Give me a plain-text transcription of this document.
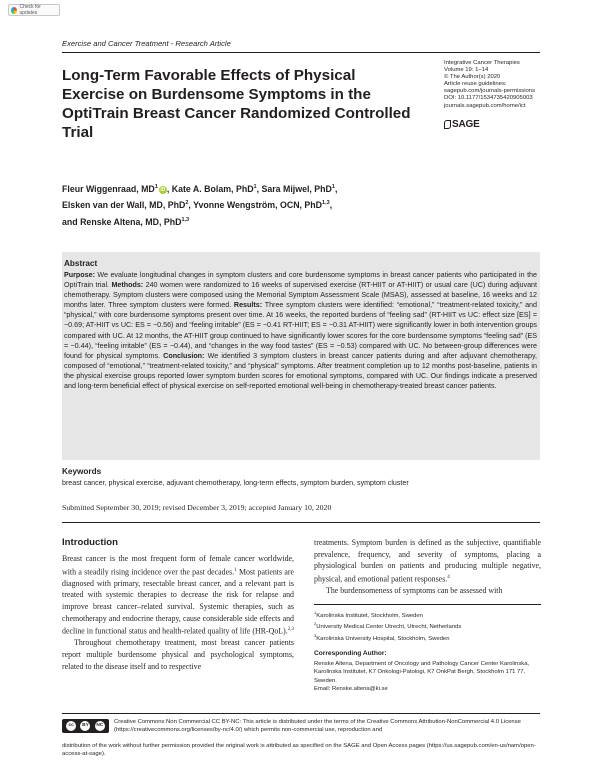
Check for updates
Exercise and Cancer Treatment - Research Article
Long-Term Favorable Effects of Physical Exercise on Burdensome Symptoms in the OptiTrain Breast Cancer Randomized Controlled Trial
Integrative Cancer Therapies
Volume 19: 1–14
© The Author(s) 2020
Article reuse guidelines:
sagepub.com/journals-permissions
DOI: 10.1177/1534735420905003
journals.sagepub.com/home/ict
SAGE
Fleur Wiggenraad, $MD^1$ iD , Kate A. Bolam, PhD$^1$, Sara Mijwel, PhD$^1$,
Elsken van der Wall, MD, PhD$^2$, Yvonne Wengström, OCN, PhD$^{1,3}$,
and Renske Altena, MD, PhD$^{1,3}$
Abstract
Purpose: We evaluate longitudinal changes in symptom clusters and core burdensome symptoms in breast cancer patients who participated in the OptiTrain trial. Methods: 240 women were randomized to 16 weeks of supervised exercise (RT-HIIT or AT-HIIT) or usual care (UC) during adjuvant chemotherapy. Symptom clusters were composed using the Memorial Symptom Assessment Scale (MSAS), assessed at baseline, 16 weeks and 12 months later. Three symptom clusters were formed. Results: Three symptom clusters were identified: “emotional,” “treatment-related toxicity,” and “physical,” with core burdensome symptoms present over time. At 16 weeks, the reported burdens of “feeling sad” (RT-HIIT vs UC: effect size [ES] = −0.69; AT-HIIT vs UC: ES = −0.56) and “feeling irritable” (ES = −0.41 RT-HIIT; ES = −0.31 AT-HIIT) were significantly lower in both intervention groups compared with UC. At 12 months, the AT-HIIT group continued to have significantly lower scores for the core burdensome symptoms “feeling sad” (ES = −0.44), “feeling irritable” (ES = −0.44), and “changes in the way food tastes” (ES = −0.53) compared with UC. No between-group differences were found for physical symptoms. Conclusion: We identified 3 symptom clusters in breast cancer patients during and after adjuvant chemotherapy, composed of “emotional,” “treatment-related toxicity,” and “physical” symptoms. After treatment completion up to 12 months post-baseline, patients in the physical exercise groups reported lower symptom burden scores for emotional symptoms, compared with UC. Our findings indicate a preserved and long-term beneficial effect of physical exercise on self-reported emotional well-being in chemotherapy-treated breast cancer patients.
Keywords
breast cancer, physical exercise, adjuvant chemotherapy, long-term effects, symptom burden, symptom cluster
Submitted September 30, 2019; revised December 3, 2019; accepted January 10, 2020
Introduction

Breast cancer is the most frequent form of female cancer worldwide, with a steadily rising incidence over the past decades.$^1$ Most patients are diagnosed with primary, resectable breast cancer, and a relevant part is treated with systemic therapies to decrease the risk for relapse and improve breast cancer–related survival. Systemic therapies, such as chemotherapy and endocrine therapy, cause considerable side effects and decline in functional status and health-related quality of life (HR-QoL).$^{2,3}$

Throughout chemotherapy treatment, most breast cancer patients report multiple burdensome physical and psychological symptoms, related to the disease itself and to respective

treatments. Symptom burden is defined as the subjective, quantifiable prevalence, frequency, and severity of symptoms, placing a physiological burden on patients and producing multiple negative, physical, and emotional patient responses.$^4$

The burdensomeness of symptoms can be assessed with

$^1$Karolinska Institutet, Stockholm, Sweden
$^2$University Medical Center Utrecht, Utrecht, Netherlands
$^3$Karolinska University Hospital, Stockholm, Sweden
Corresponding Author:
Renske Altena, Department of Oncology and Pathology Cancer Center Karolinska, Karolinska Institutet, K7 Onkologi-Patologi, K7 OnkPat Bergh, Stockholm 171 77, Sweden.
Email: Renske.altena@ki.se
cc	BY	NC
Creative Commons Non Commercial CC BY-NC: This article is distributed under the terms of the Creative Commons Attribution-NonCommercial 4.0 License (https://creativecommons.org/licenses/by-nc/4.0/) which permits non-commercial use, reproduction and
distribution of the work without further permission provided the original work is attributed as specified on the SAGE and Open Access pages (https://us.sagepub.com/en-us/nam/open-access-at-sage).
